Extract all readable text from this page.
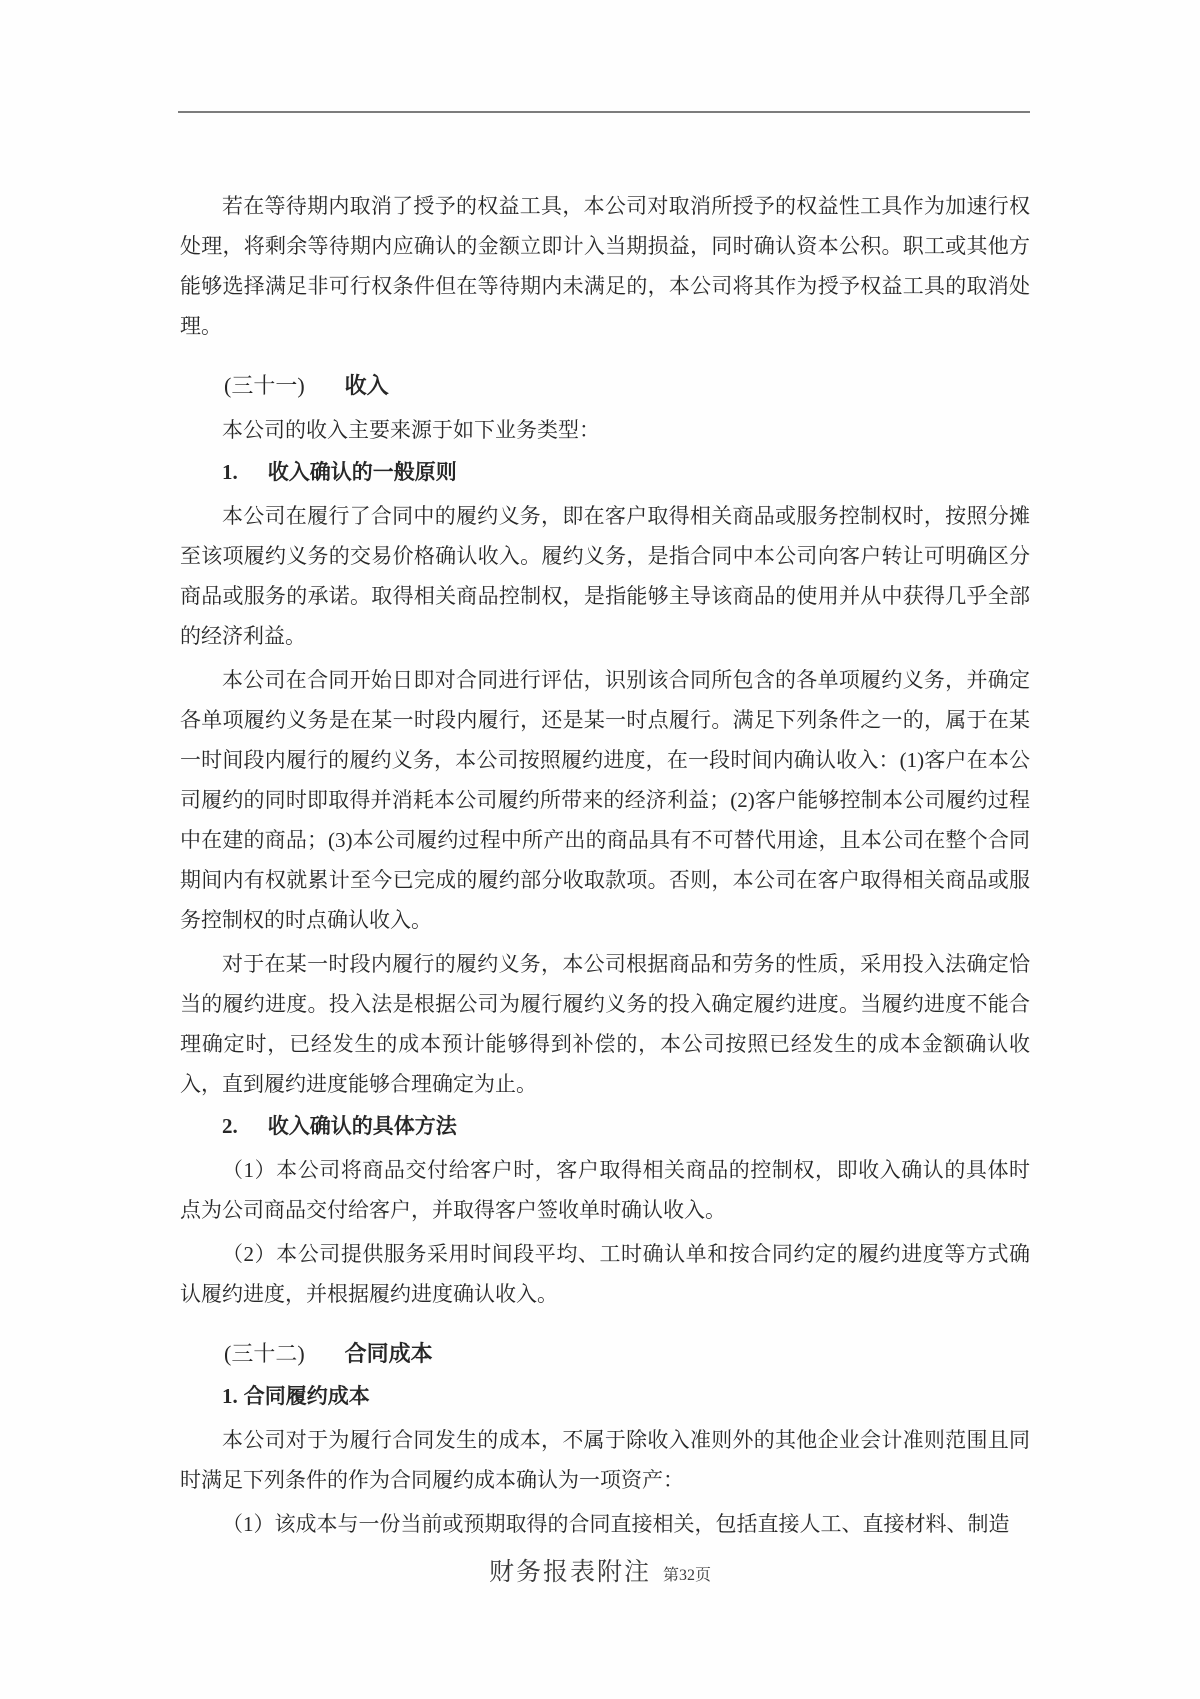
若在等待期内取消了授予的权益工具，本公司对取消所授予的权益性工具作为加速行权处理，将剩余等待期内应确认的金额立即计入当期损益，同时确认资本公积。职工或其他方能够选择满足非可行权条件但在等待期内未满足的，本公司将其作为授予权益工具的取消处理。

(三十一) 收入

本公司的收入主要来源于如下业务类型：

1. 收入确认的一般原则

本公司在履行了合同中的履约义务，即在客户取得相关商品或服务控制权时，按照分摊至该项履约义务的交易价格确认收入。履约义务，是指合同中本公司向客户转让可明确区分商品或服务的承诺。取得相关商品控制权，是指能够主导该商品的使用并从中获得几乎全部的经济利益。

本公司在合同开始日即对合同进行评估，识别该合同所包含的各单项履约义务，并确定各单项履约义务是在某一时段内履行，还是某一时点履行。满足下列条件之一的，属于在某一时间段内履行的履约义务，本公司按照履约进度，在一段时间内确认收入：(1)客户在本公司履约的同时即取得并消耗本公司履约所带来的经济利益；(2)客户能够控制本公司履约过程中在建的商品；(3)本公司履约过程中所产出的商品具有不可替代用途，且本公司在整个合同期间内有权就累计至今已完成的履约部分收取款项。否则，本公司在客户取得相关商品或服务控制权的时点确认收入。

对于在某一时段内履行的履约义务，本公司根据商品和劳务的性质，采用投入法确定恰当的履约进度。投入法是根据公司为履行履约义务的投入确定履约进度。当履约进度不能合理确定时，已经发生的成本预计能够得到补偿的，本公司按照已经发生的成本金额确认收入，直到履约进度能够合理确定为止。

2. 收入确认的具体方法

（1）本公司将商品交付给客户时，客户取得相关商品的控制权，即收入确认的具体时点为公司商品交付给客户，并取得客户签收单时确认收入。

（2）本公司提供服务采用时间段平均、工时确认单和按合同约定的履约进度等方式确认履约进度，并根据履约进度确认收入。

(三十二) 合同成本

1. 合同履约成本

本公司对于为履行合同发生的成本，不属于除收入准则外的其他企业会计准则范围且同时满足下列条件的作为合同履约成本确认为一项资产：

（1）该成本与一份当前或预期取得的合同直接相关，包括直接人工、直接材料、制造

财务报表附注 第32页
